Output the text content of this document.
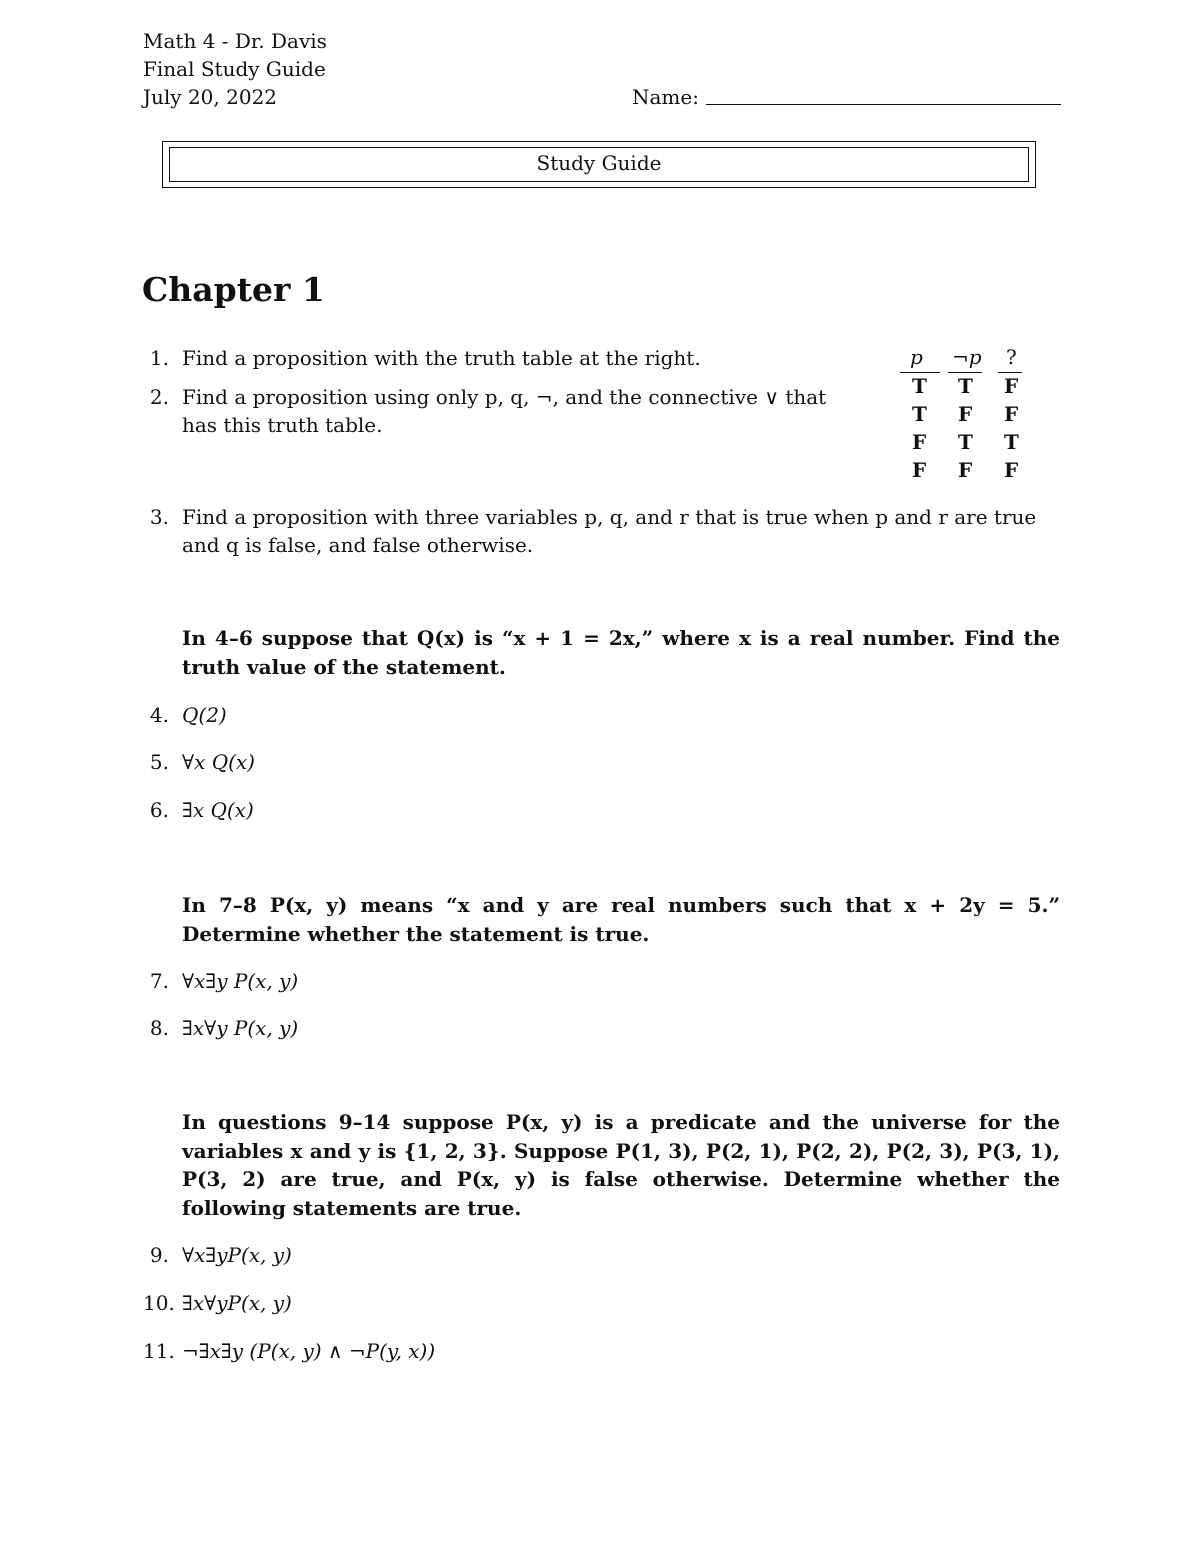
Math 4 - Dr. Davis
Final Study Guide
July 20, 2022	Name:
Study Guide
Chapter 1
p ¬p ?
T T F
T F F
F T T
F F F
1. Find a proposition with the truth table at the right.
2. Find a proposition using only p, q, ¬, and the connective ∨ that
has this truth table.
3. Find a proposition with three variables p, q, and r that is true when p and r are true
and q is false, and false otherwise.
In 4–6 suppose that Q(x) is “x + 1 = 2x,” where x is a real number. Find the truth value of the statement.
4. Q(2)
5. ∀x Q(x)
6. ∃x Q(x)
In 7–8 P(x, y) means “x and y are real numbers such that x + 2y = 5.” Determine whether the statement is true.
7. ∀x∃y P(x, y)
8. ∃x∀y P(x, y)
In questions 9–14 suppose P(x, y) is a predicate and the universe for the variables x and y is {1, 2, 3}. Suppose P(1, 3), P(2, 1), P(2, 2), P(2, 3), P(3, 1), P(3, 2) are true, and P(x, y) is false otherwise. Determine whether the following statements are true.
9. ∀x∃yP(x, y)
10. ∃x∀yP(x, y)
11. ¬∃x∃y (P(x, y) ∧ ¬P(y, x))
